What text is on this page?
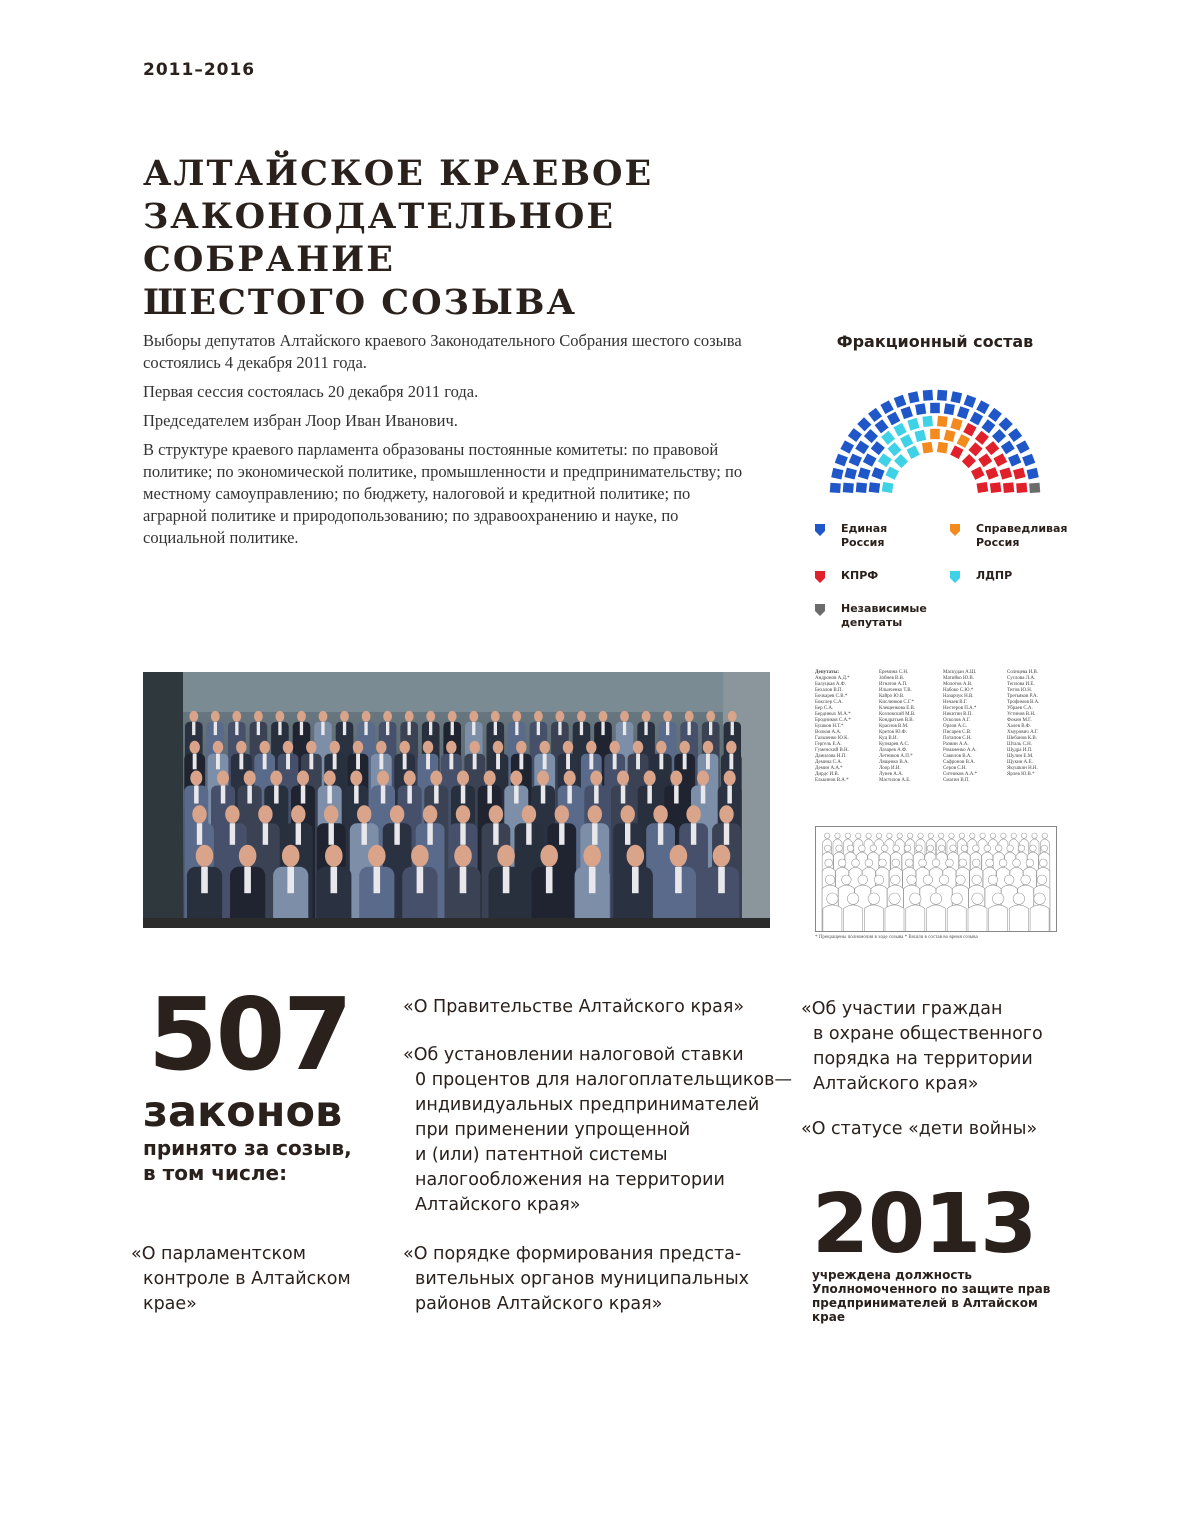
2011–2016
АЛТАЙСКОЕ КРАЕВОЕ
ЗАКОНОДАТЕЛЬНОЕ СОБРАНИЕ
ШЕСТОГО СОЗЫВА

Выборы депутатов Алтайского краевого Законодательного Собрания шестого созыва состоялись 4 декабря 2011 года.

Первая сессия состоялась 20 декабря 2011 года.

Председателем избран Лоор Иван Иванович.

В структуре краевого парламента образованы постоянные комитеты: по правовой политике; по экономической политике, промышленности и предпринимательству; по местному самоуправлению; по бюджету, налоговой и кредитной политике; по аграрной политике и природопользованию; по здравоохранению и науке, по социальной политике.

Фракционный состав
Единая
Россия
Справедливая
Россия
КПРФ	ЛДПР
Независимые
депутаты
Депутаты:
Андронов А.Д.*
Балуцкая А.Ф.
Бехалов В.П.
Бочкарев С.В.*
Бокслер С.А.
Бер С.А.
Бердиных М.А.*
Бродников С.А.*
Бушков Н.Т.*
Волков А.А.
Гальченко Ю.К.
Гергель Е.А.
Гуменский В.Н.
Данилова Н.П.
Демина С.А.
Демин А.А.*
Дирдс И.В.
Елькинов В.А.*
Еремина С.Н.
Зобнев В.В.
Игнатов А.П.
Ильиченко Т.В.
Кайро Ю.В.
Кислинков С.Г.*
Клещенкова Е.В.
Козловский М.В.
Кондратьев В.В.
Краснов В.М.
Кретов Ю.Ф.
Куц В.И.
Кузнарев А.С.
Лазарев А.Ф.
Летников А.П.*
Лященко В.А.
Лоор И.И.
Лунев А.А.
Мастилов А.Е.
Маскудан А.Ш.
Матийко Ю.В.
Молотов А.В.
Набоко С.Ю.*
Назарчук Н.В.
Нечаев В.Г.
Нестеров П.А.*
Никитин В.П.
Осколов А.Г.
Орлов А.С.
Писарев С.В.
Потапов С.Н.
Развин А.А.
Романенко А.А.
Савилов В.А.
Сафронов В.А.
Серов С.Н.
Ситников А.А.*
Смагин В.П.
Солнцева И.В.
Суслова Л.А.
Теплова И.Е.
Титов Ю.Н.
Третьяков Р.А.
Трофимов В.А.
Убраев С.А.
Устинов В.Н.
Фокин М.Г.
Халев В.Ф.
Хмурович А.Г.
Шебанов К.В.
Шталь С.Н.
Шудра И.П.
Шулин Е.М.
Щукин А.Е.
Якушкин Н.Н.
Ярлев Ю.В.*
* Прекращены полномочия в ходе созыва * Вошли в состав во время созыва
507
законов
принято за созыв,
в том числе:
«О Правительстве Алтайского края»
«Об установлении налоговой ставки
0 процентов для налогоплательщиков—
индивидуальных предпринимателей
при применении упрощенной
и (или) патентной системы
налогообложения на территории
Алтайского края»
«О порядке формирования предста-
вительных органов муниципальных
районов Алтайского края»
«Об участии граждан
в охране общественного
порядка на территории
Алтайского края»
«О статусе «дети войны»
«О парламентском
контроле в Алтайском
крае»
2013
учреждена должность
Уполномоченного по защите прав
предпринимателей в Алтайском крае
